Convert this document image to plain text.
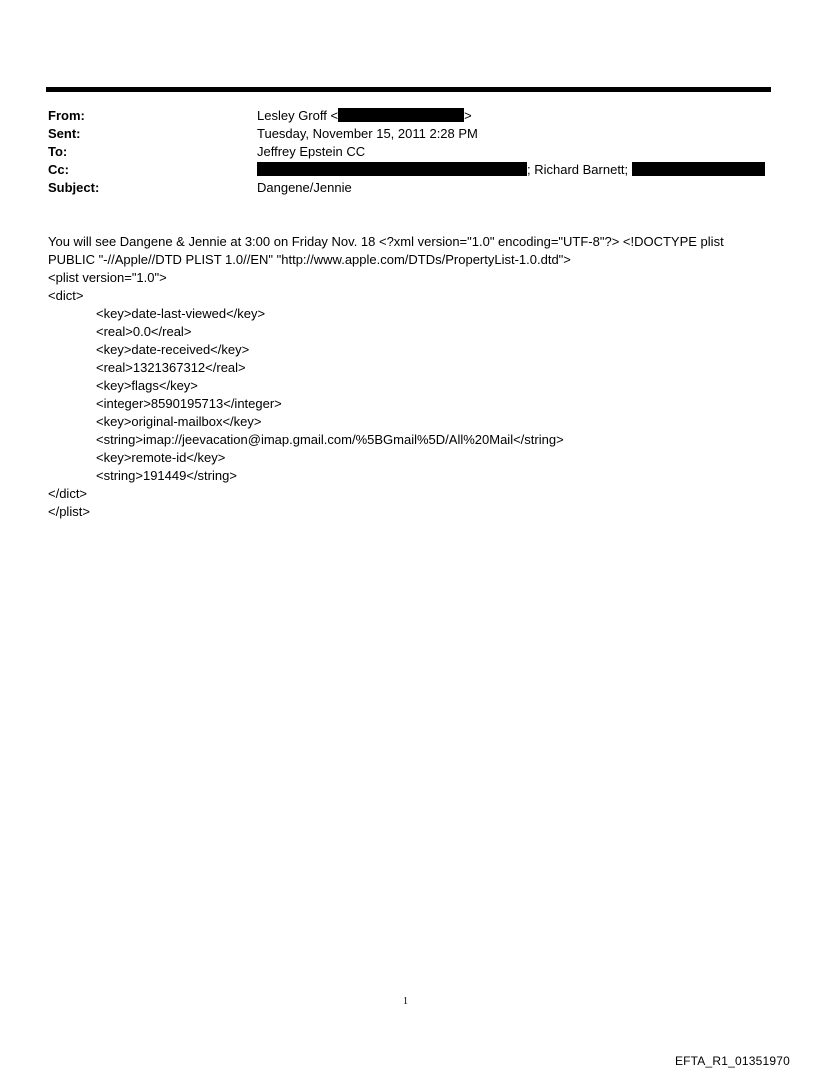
From:	Lesley Groff <	>
Sent:	Tuesday, November 15, 2011 2:28 PM
To:	Jeffrey Epstein CC
Cc:	; Richard Barnett;
Subject:	Dangene/Jennie
You will see Dangene & Jennie at 3:00 on Friday Nov. 18 <?xml version="1.0" encoding="UTF-8"?> <!DOCTYPE plist
PUBLIC "-//Apple//DTD PLIST 1.0//EN" "http://www.apple.com/DTDs/PropertyList-1.0.dtd">
<plist version="1.0">
<dict>
<key>date-last-viewed</key>
<real>0.0</real>
<key>date-received</key>
<real>1321367312</real>
<key>flags</key>
<integer>8590195713</integer>
<key>original-mailbox</key>
<string>imap://jeevacation@imap.gmail.com/%5BGmail%5D/All%20Mail</string>
<key>remote-id</key>
<string>191449</string>
</dict>
</plist>
1
EFTA_R1_01351970
